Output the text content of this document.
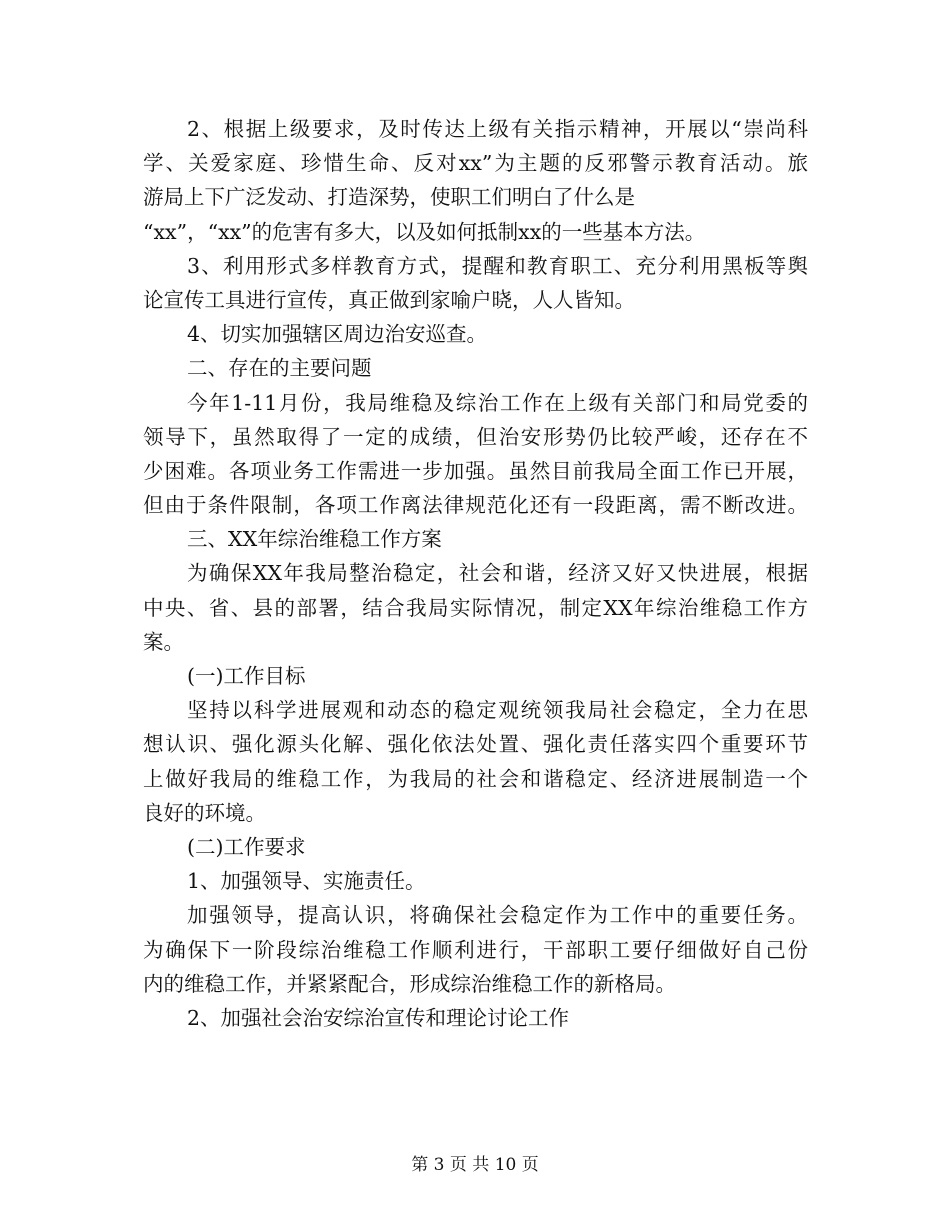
2、根据上级要求，及时传达上级有关指示精神，开展以“崇尚科
学、关爱家庭、珍惜生命、反对xx”为主题的反邪警示教育活动。旅
游局上下广泛发动、打造深势，使职工们明白了什么是
“xx”，“xx”的危害有多大，以及如何抵制xx的一些基本方法。
3、利用形式多样教育方式，提醒和教育职工、充分利用黑板等舆
论宣传工具进行宣传，真正做到家喻户晓，人人皆知。
4、切实加强辖区周边治安巡查。
二、存在的主要问题
今年1-11月份，我局维稳及综治工作在上级有关部门和局党委的
领导下，虽然取得了一定的成绩，但治安形势仍比较严峻，还存在不
少困难。各项业务工作需进一步加强。虽然目前我局全面工作已开展，
但由于条件限制，各项工作离法律规范化还有一段距离，需不断改进。
三、XX年综治维稳工作方案
为确保XX年我局整治稳定，社会和谐，经济又好又快进展，根据
中央、省、县的部署，结合我局实际情况，制定XX年综治维稳工作方
案。
(一)工作目标
坚持以科学进展观和动态的稳定观统领我局社会稳定，全力在思
想认识、强化源头化解、强化依法处置、强化责任落实四个重要环节
上做好我局的维稳工作，为我局的社会和谐稳定、经济进展制造一个
良好的环境。
(二)工作要求
1、加强领导、实施责任。
加强领导，提高认识，将确保社会稳定作为工作中的重要任务。
为确保下一阶段综治维稳工作顺利进行，干部职工要仔细做好自己份
内的维稳工作，并紧紧配合，形成综治维稳工作的新格局。
2、加强社会治安综治宣传和理论讨论工作
第 3 页 共 10 页
